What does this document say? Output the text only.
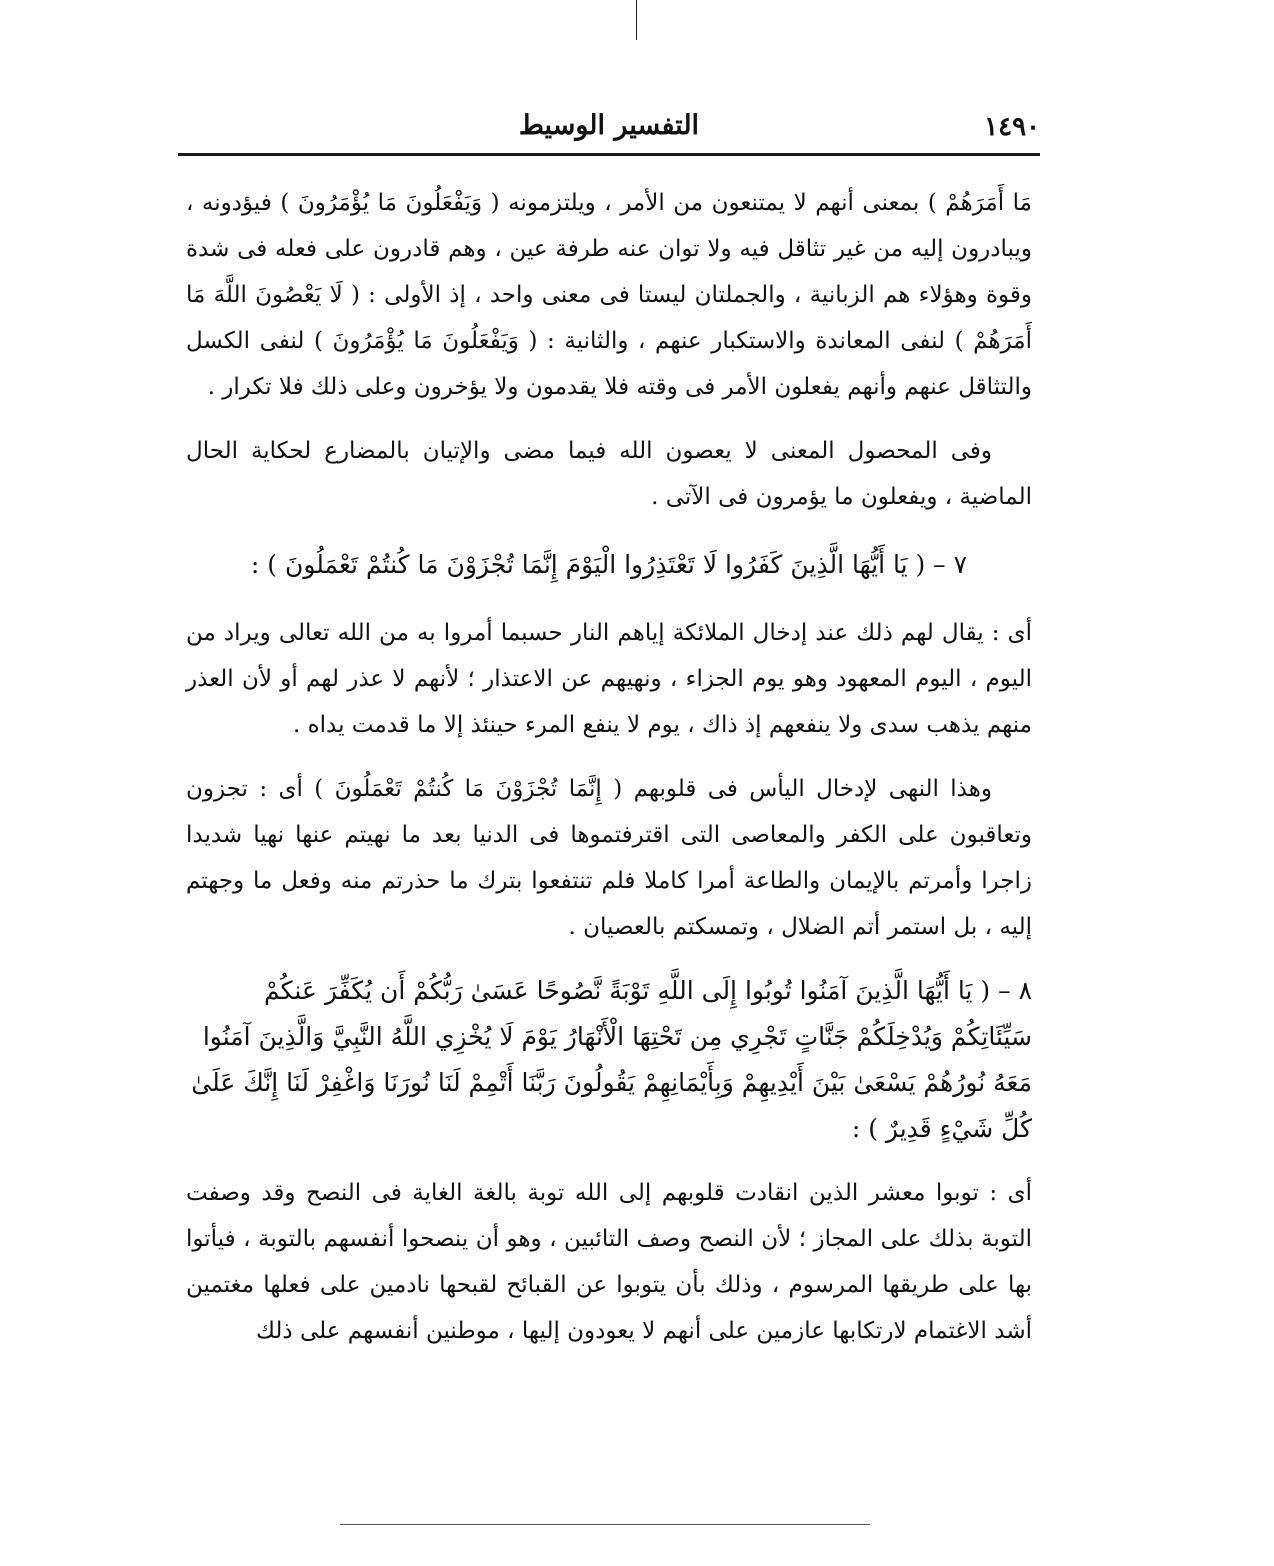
التفسير الوسيط	١٤٩٠

مَا أَمَرَهُمْ ) بمعنى أنهم لا يمتنعون من الأمر ، ويلتزمونه ( وَيَفْعَلُونَ مَا يُؤْمَرُونَ ) فيؤدونه ، ويبادرون إليه من غير تثاقل فيه ولا توان عنه طرفة عين ، وهم قادرون على فعله فى شدة وقوة وهؤلاء هم الزبانية ، والجملتان ليستا فى معنى واحد ، إذ الأولى : ( لَا يَعْصُونَ اللَّهَ مَا أَمَرَهُمْ ) لنفى المعاندة والاستكبار عنهم ، والثانية : ( وَيَفْعَلُونَ مَا يُؤْمَرُونَ ) لنفى الكسل والتثاقل عنهم وأنهم يفعلون الأمر فى وقته فلا يقدمون ولا يؤخرون وعلى ذلك فلا تكرار .

وفى المحصول المعنى لا يعصون الله فيما مضى والإتيان بالمضارع لحكاية الحال الماضية ، ويفعلون ما يؤمرون فى الآتى .

٧ – ( يَا أَيُّهَا الَّذِينَ كَفَرُوا لَا تَعْتَذِرُوا الْيَوْمَ إِنَّمَا تُجْزَوْنَ مَا كُنتُمْ تَعْمَلُونَ ) :

أى : يقال لهم ذلك عند إدخال الملائكة إياهم النار حسبما أمروا به من الله تعالى ويراد من اليوم ، اليوم المعهود وهو يوم الجزاء ، ونهيهم عن الاعتذار ؛ لأنهم لا عذر لهم أو لأن العذر منهم يذهب سدى ولا ينفعهم إذ ذاك ، يوم لا ينفع المرء حينئذ إلا ما قدمت يداه .

وهذا النهى لإدخال اليأس فى قلوبهم ( إِنَّمَا تُجْزَوْنَ مَا كُنتُمْ تَعْمَلُونَ ) أى : تجزون وتعاقبون على الكفر والمعاصى التى اقترفتموها فى الدنيا بعد ما نهيتم عنها نهيا شديدا زاجرا وأمرتم بالإيمان والطاعة أمرا كاملا فلم تنتفعوا بترك ما حذرتم منه وفعل ما وجهتم إليه ، بل استمر أتم الضلال ، وتمسكتم بالعصيان .

٨ – ( يَا أَيُّهَا الَّذِينَ آمَنُوا تُوبُوا إِلَى اللَّهِ تَوْبَةً نَّصُوحًا عَسَىٰ رَبُّكُمْ أَن يُكَفِّرَ عَنكُمْ سَيِّئَاتِكُمْ وَيُدْخِلَكُمْ جَنَّاتٍ تَجْرِي مِن تَحْتِهَا الْأَنْهَارُ يَوْمَ لَا يُخْزِي اللَّهُ النَّبِيَّ وَالَّذِينَ آمَنُوا مَعَهُ نُورُهُمْ يَسْعَىٰ بَيْنَ أَيْدِيهِمْ وَبِأَيْمَانِهِمْ يَقُولُونَ رَبَّنَا أَتْمِمْ لَنَا نُورَنَا وَاغْفِرْ لَنَا إِنَّكَ عَلَىٰ كُلِّ شَيْءٍ قَدِيرٌ ) :

أى : توبوا معشر الذين انقادت قلوبهم إلى الله توبة بالغة الغاية فى النصح وقد وصفت التوبة بذلك على المجاز ؛ لأن النصح وصف التائبين ، وهو أن ينصحوا أنفسهم بالتوبة ، فيأتوا بها على طريقها المرسوم ، وذلك بأن يتوبوا عن القبائح لقبحها نادمين على فعلها مغتمين أشد الاغتمام لارتكابها عازمين على أنهم لا يعودون إليها ، موطنين أنفسهم على ذلك
